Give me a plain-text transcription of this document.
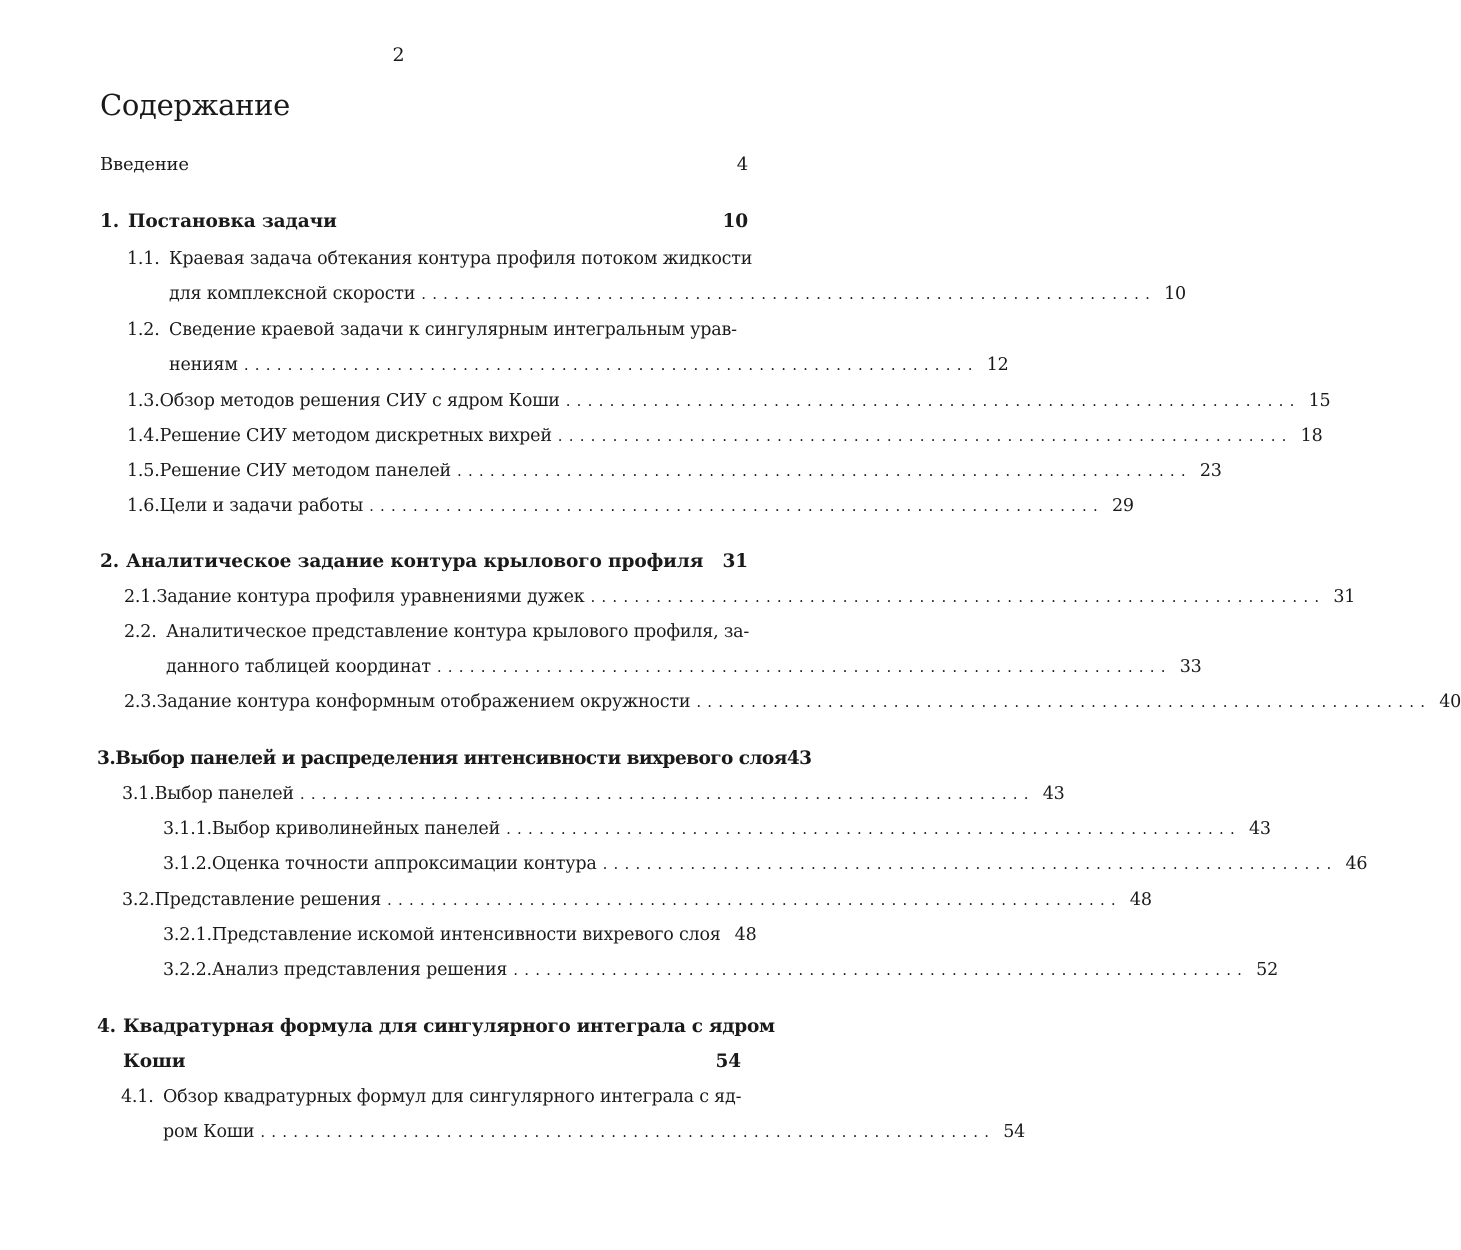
2
Содержание
Введение	4
1. Постановка задачи	10
1.1. Краевая задача обтекания контура профиля потоком жидкости
для комплексной скорости ................................................................... 10
1.2. Сведение краевой задачи к сингулярным интегральным урав-
нениям ................................................................... 12
1.3. Обзор методов решения СИУ с ядром Коши ................................................................... 15
1.4. Решение СИУ методом дискретных вихрей ................................................................... 18
1.5. Решение СИУ методом панелей ................................................................... 23
1.6. Цели и задачи работы ................................................................... 29
2. Аналитическое задание контура крылового профиля	31
2.1. Задание контура профиля уравнениями дужек ................................................................... 31
2.2. Аналитическое представление контура крылового профиля, за-
данного таблицей координат ................................................................... 33
2.3. Задание контура конформным отображением окружности ................................................................... 40
3. Выбор панелей и распределения интенсивности вихревого слоя 43
3.1. Выбор панелей ................................................................... 43
3.1.1. Выбор криволинейных панелей ................................................................... 43
3.1.2. Оценка точности аппроксимации контура ................................................................... 46
3.2. Представление решения ................................................................... 48
3.2.1. Представление искомой интенсивности вихревого слоя 48
3.2.2. Анализ представления решения ................................................................... 52
4. Квадратурная формула для сингулярного интеграла с ядром
Коши	54
4.1. Обзор квадратурных формул для сингулярного интеграла с яд-
ром Коши ................................................................... 54
